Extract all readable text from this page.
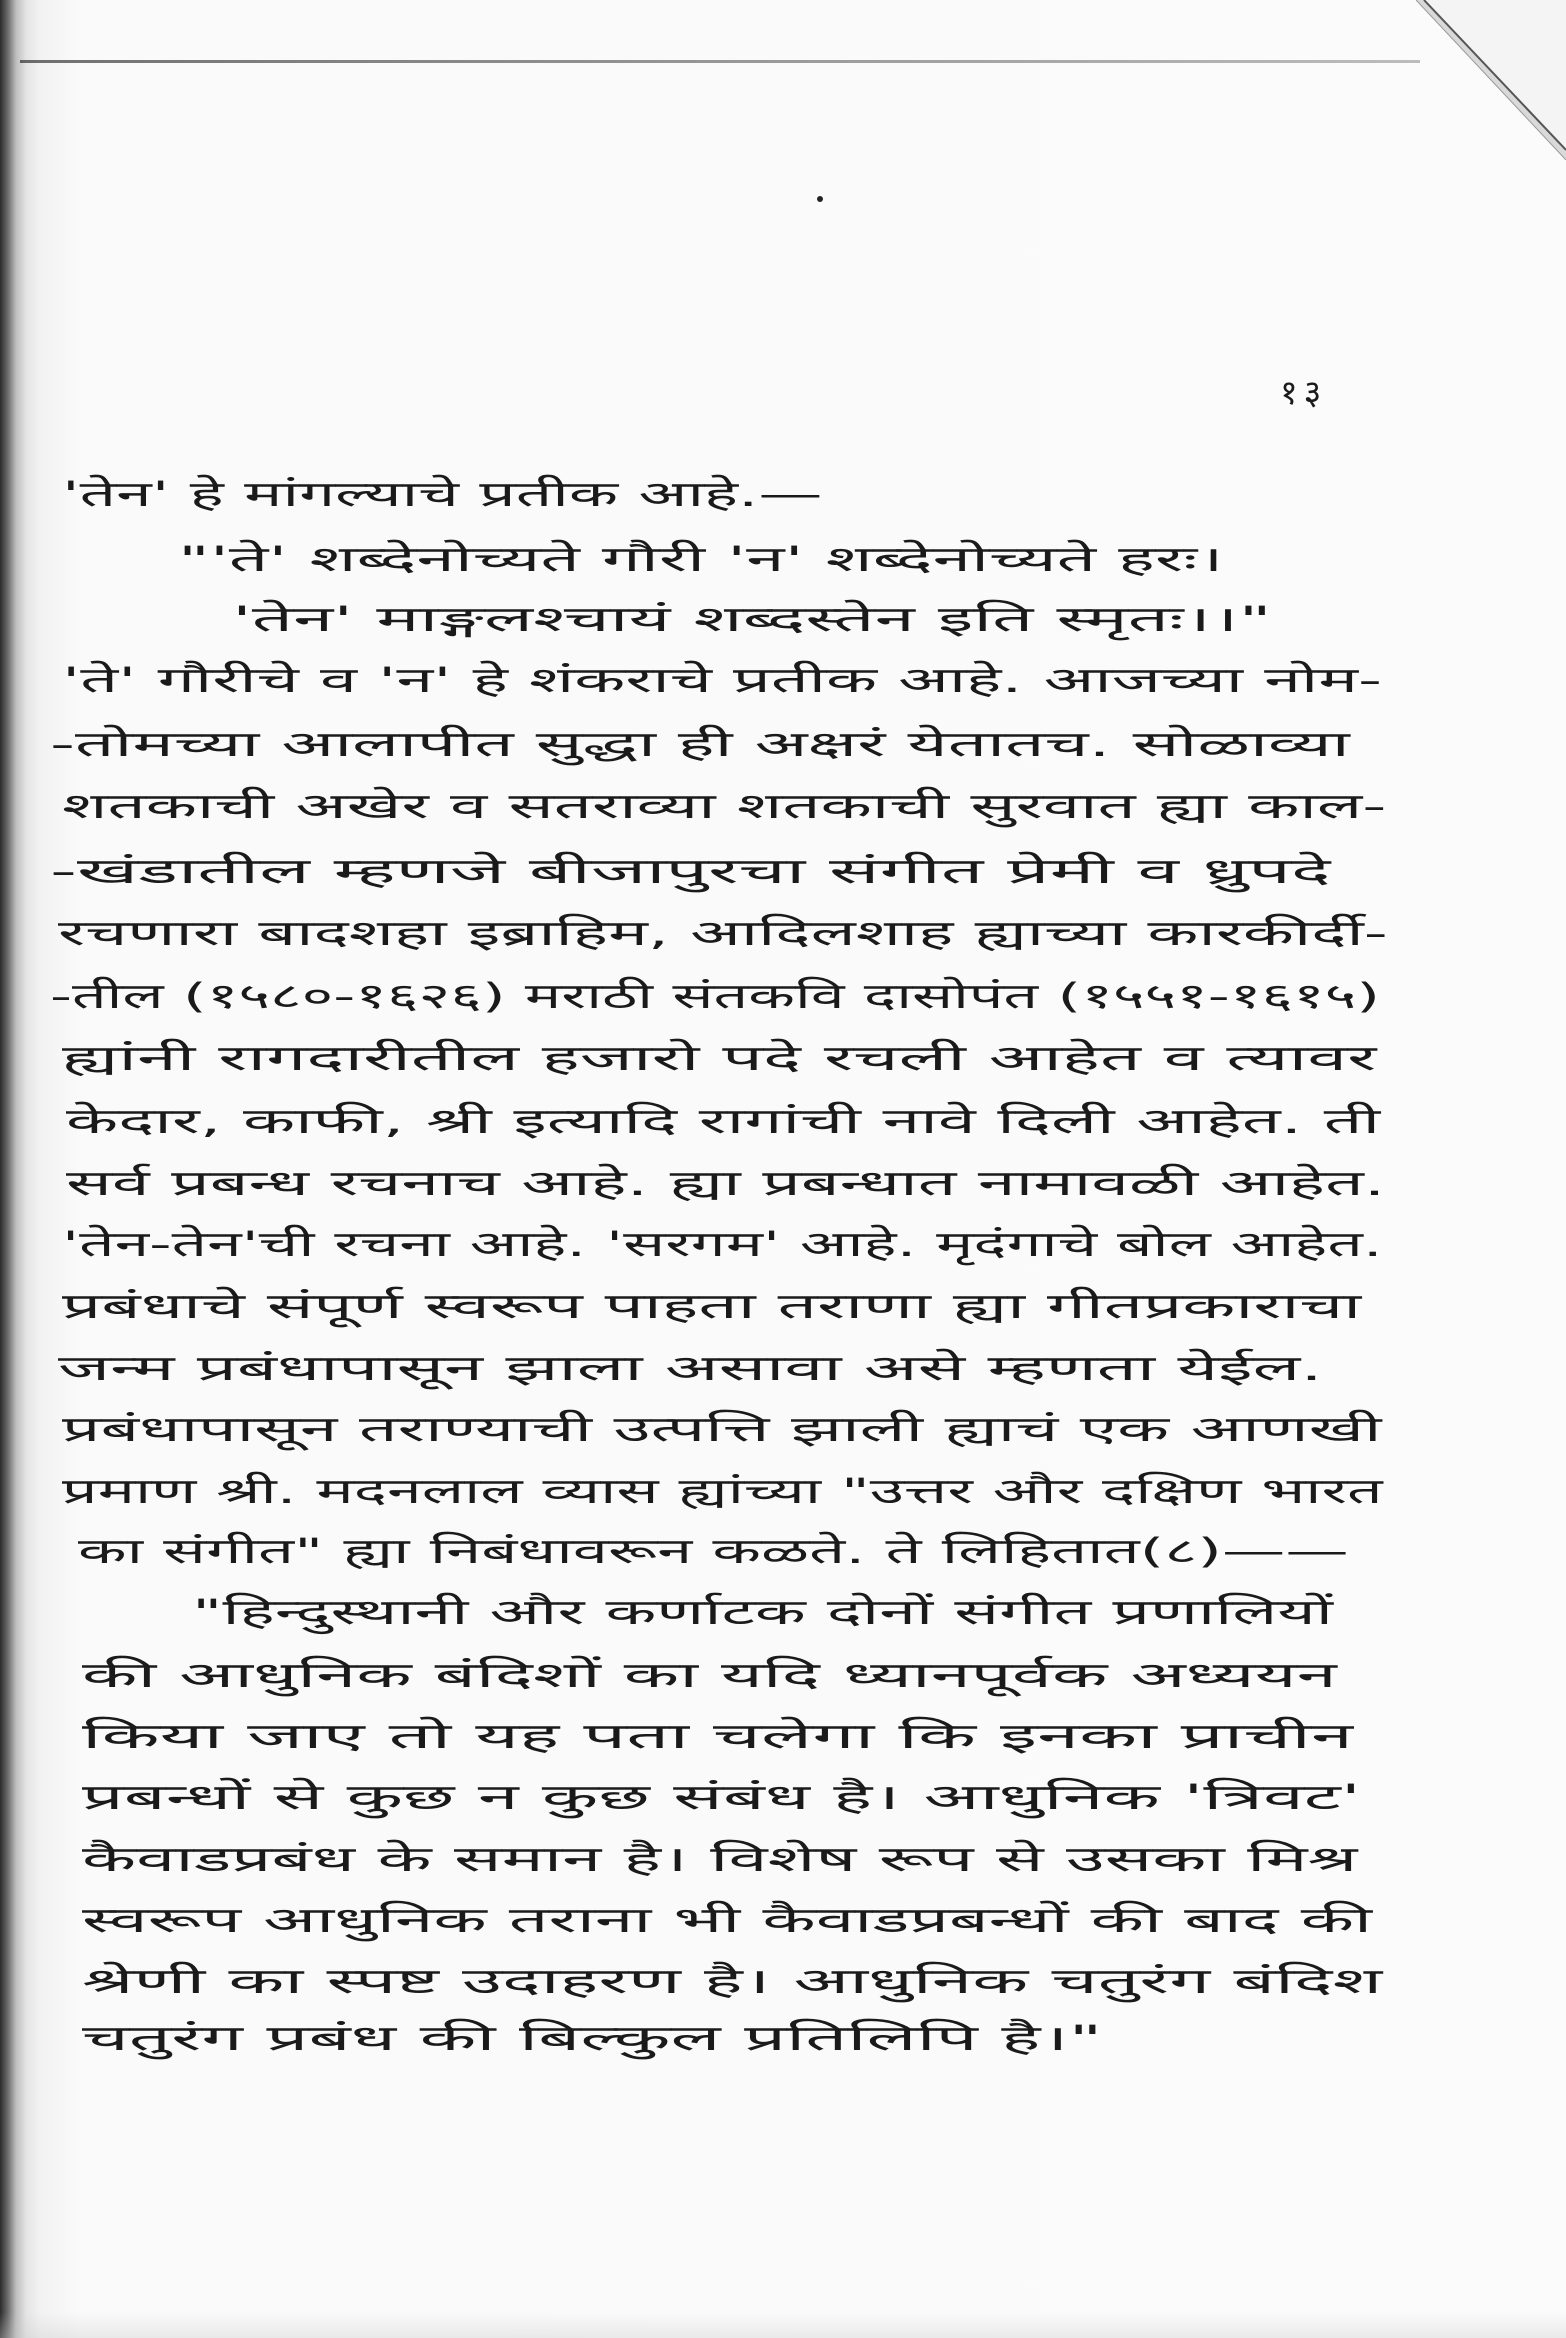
१३
'तेन' हे मांगल्याचे प्रतीक आहे.—
"'ते' शब्देनोच्यते गौरी 'न' शब्देनोच्यते हरः।
'तेन' माङ्गलश्चायं शब्दस्तेन इति स्मृतः।।"
'ते' गौरीचे व 'न' हे शंकराचे प्रतीक आहे. आजच्या नोम-
-तोमच्या आलापीत सुद्धा ही अक्षरं येतातच. सोळाव्या
शतकाची अखेर व सतराव्या शतकाची सुरवात ह्या काल-
-खंडातील म्हणजे बीजापुरचा संगीत प्रेमी व ध्रुपदे
रचणारा बादशहा इब्राहिम, आदिलशाह ह्याच्या कारकीर्दी-
-तील (१५८०-१६२६) मराठी संतकवि दासोपंत (१५५१-१६१५)
ह्यांनी रागदारीतील हजारो पदे रचली आहेत व त्यावर
केदार, काफी, श्री इत्यादि रागांची नावे दिली आहेत. ती
सर्व प्रबन्ध रचनाच आहे. ह्या प्रबन्धात नामावळी आहेत.
'तेन-तेन'ची रचना आहे. 'सरगम' आहे. मृदंगाचे बोल आहेत.
प्रबंधाचे संपूर्ण स्वरूप पाहता तराणा ह्या गीतप्रकाराचा
जन्म प्रबंधापासून झाला असावा असे म्हणता येईल.
प्रबंधापासून तराण्याची उत्पत्ति झाली ह्याचं एक आणखी
प्रमाण श्री. मदनलाल व्यास ह्यांच्या "उत्तर और दक्षिण भारत
का संगीत" ह्या निबंधावरून कळते. ते लिहितात(८)——
"हिन्दुस्थानी और कर्णाटक दोनों संगीत प्रणालियों
की आधुनिक बंदिशों का यदि ध्यानपूर्वक अध्ययन
किया जाए तो यह पता चलेगा कि इनका प्राचीन
प्रबन्धों से कुछ न कुछ संबंध है। आधुनिक 'त्रिवट'
कैवाडप्रबंध के समान है। विशेष रूप से उसका मिश्र
स्वरूप आधुनिक तराना भी कैवाडप्रबन्धों की बाद की
श्रेणी का स्पष्ट उदाहरण है। आधुनिक चतुरंग बंदिश
चतुरंग प्रबंध की बिल्कुल प्रतिलिपि है।"
